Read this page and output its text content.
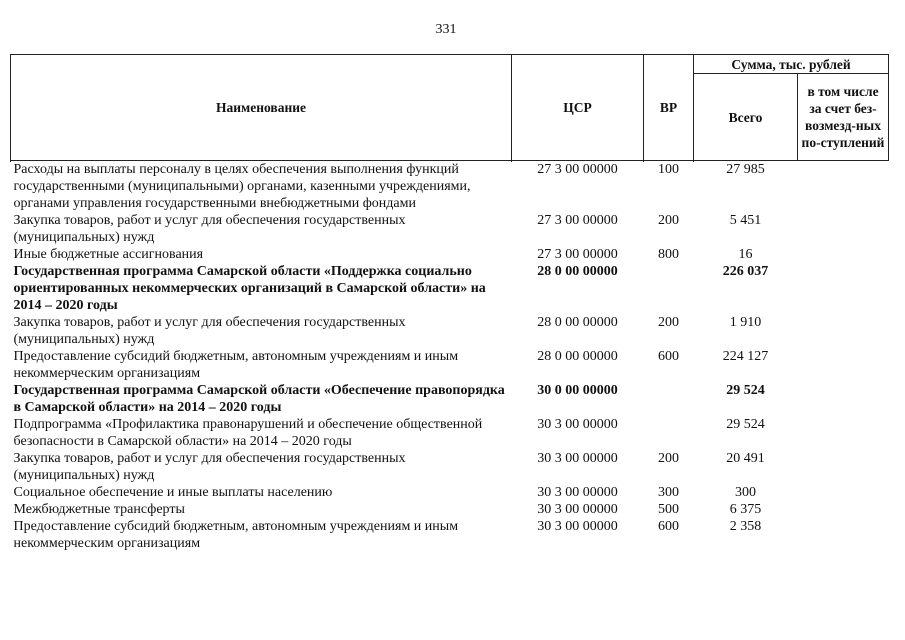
331
Наименование	ЦСР	ВР	Сумма, тыс. рублей	
			Всего	в том числе за счет без-возмезд-ных по-ступлений

Расходы на выплаты персоналу в целях обеспечения выполнения функций государственными (муниципальными) органами, казенными учреждениями, органами управления государственными внебюджетными фондами	27 3 00 00000	100	27 985	
Закупка товаров, работ и услуг для обеспечения государственных (муниципальных) нужд	27 3 00 00000	200	5 451	
Иные бюджетные ассигнования	27 3 00 00000	800	16	
Государственная программа Самарской области «Поддержка социально ориентированных некоммерческих организаций в Самарской области» на 2014 – 2020 годы	28 0 00 00000		226 037	
Закупка товаров, работ и услуг для обеспечения государственных (муниципальных) нужд	28 0 00 00000	200	1 910	
Предоставление субсидий бюджетным, автономным учреждениям и иным некоммерческим организациям	28 0 00 00000	600	224 127	
Государственная программа Самарской области «Обеспечение правопорядка в Самарской области» на 2014 – 2020 годы	30 0 00 00000		29 524	
Подпрограмма «Профилактика правонарушений и обеспечение общественной безопасности в Самарской области» на 2014 – 2020 годы	30 3 00 00000		29 524	
Закупка товаров, работ и услуг для обеспечения государственных (муниципальных) нужд	30 3 00 00000	200	20 491	
Социальное обеспечение и иные выплаты населению	30 3 00 00000	300	300	
Межбюджетные трансферты	30 3 00 00000	500	6 375	
Предоставление субсидий бюджетным, автономным учреждениям и иным некоммерческим организациям	30 3 00 00000	600	2 358	
